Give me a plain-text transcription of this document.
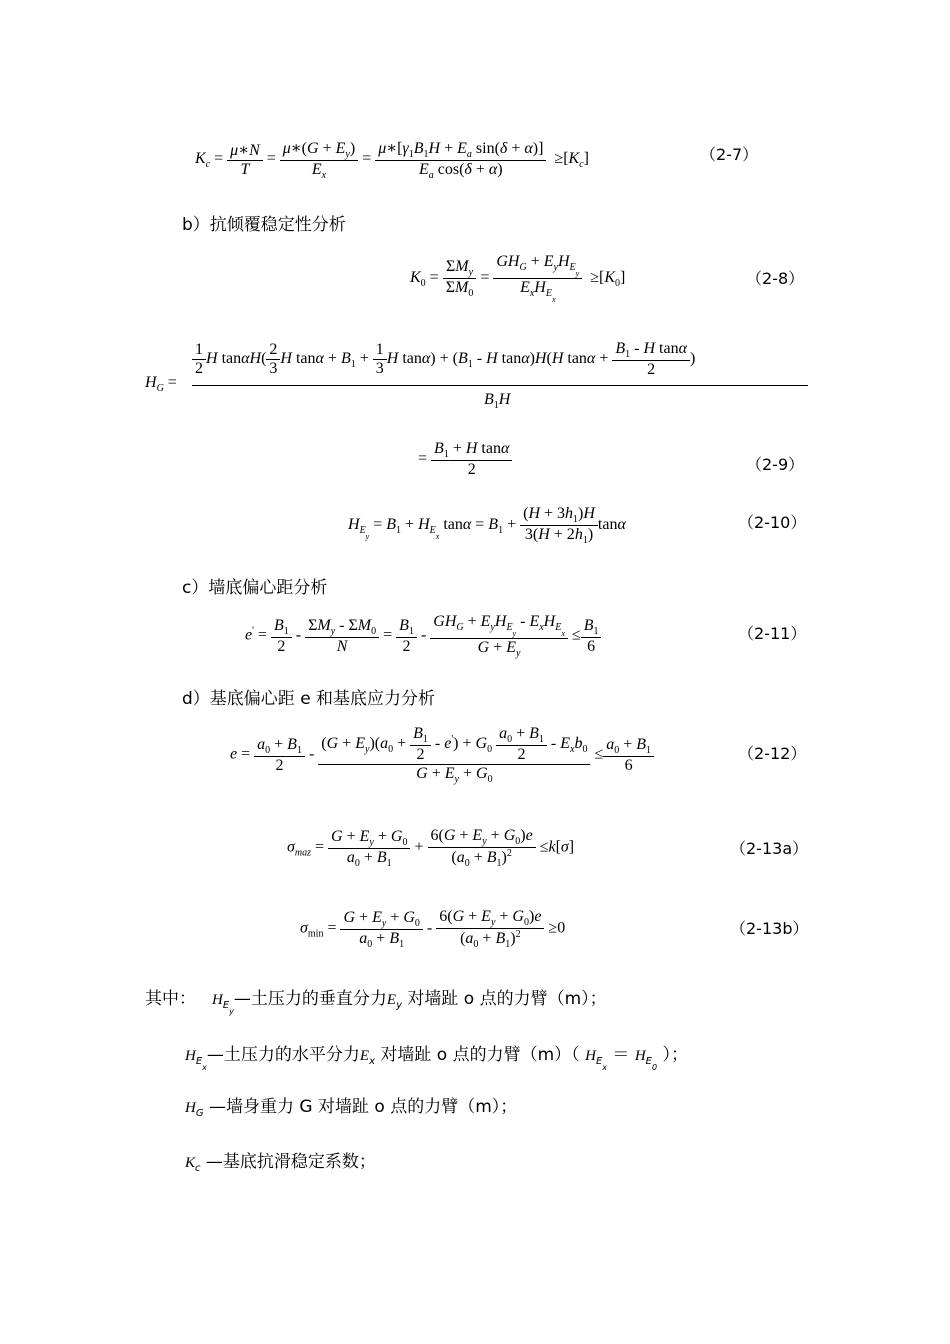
$K_c = \frac{\mu∗N}{T} = \frac{\mu∗(G + E_y)}{E_x} = \frac{\mu∗[\gamma_1B_1H + E_a \sin(\delta + \alpha)]}{E_a \cos(\delta + \alpha)} \ge[K_c]$	（2-7）
b）抗倾覆稳定性分析
$K_0 = \frac{\Sigma M_y}{\Sigma M_0} = \frac{GH_G + E_yH_{E_y}}{E_xH_{E_x}} \ge[K_0]$	（2-8）
$H_G$ =
$\frac{1}{2}$ H $\tan\alpha H( \frac{2}{3}$ H $\tan\alpha + B_1 + \frac{1}{3}$ H $\tan\alpha) + (B_1 - H$ tanα)H(H $\tan\alpha + \frac{B_1 - H \tan\alpha}{2}$ )
$B_1H$
= $\frac{B_1 + H \tan\alpha}{2}$	（2-9）
$H_{E_y} = B_1 + H_{E_x}$ $\tan\alpha = B_1 + \frac{(H + 3h_1)H}{3(H + 2h_1)}$ tanα	（2-10）
c）墙底偏心距分析
$e' = \frac{B_1}{2} - \frac{\Sigma M_y - \Sigma M_0}{N} = \frac{B_1}{2} - \frac{GH_G + E_yH_{E_y} - E_xH_{E_x}}{G + E_y} \le \frac{B_1}{6}$	（2-11）
d）基底偏心距 e 和基底应力分析
$e = \frac{a_0 + B_1}{2} - \frac{(G + E_y)(a_0 + \frac{B_1}{2} - e') + G_0 \frac{a_0 + B_1}{2} - E_xb_0}{G + E_y + G_0} \le \frac{a_0 + B_1}{6}$	（2-12）
$\sigma_{maz} = \frac{G + E_y + G_0}{a_0 + B_1} + \frac{6(G + E_y + G_0)e}{(a_0 + B_1)^2} \le k[\sigma]$	（2-13a）
$\sigma_{min} = \frac{G + E_y + G_0}{a_0 + B_1} - \frac{6(G + E_y + G_0)e}{(a_0 + B_1)^2} \ge 0$	（2-13b）
其中： $H_{E_y}—$土压力的垂直分力$E_y$ 对墙趾 o 点的力臂（m）；
$H_{E_x}—$土压力的水平分力$E_x$ 对墙趾 o 点的力臂（m）（ $H_{E_x} = H_{E_0}$ ）；
$H_G$ —墙身重力 G 对墙趾 o 点的力臂（m）；
$K_c$ —基底抗滑稳定系数；
